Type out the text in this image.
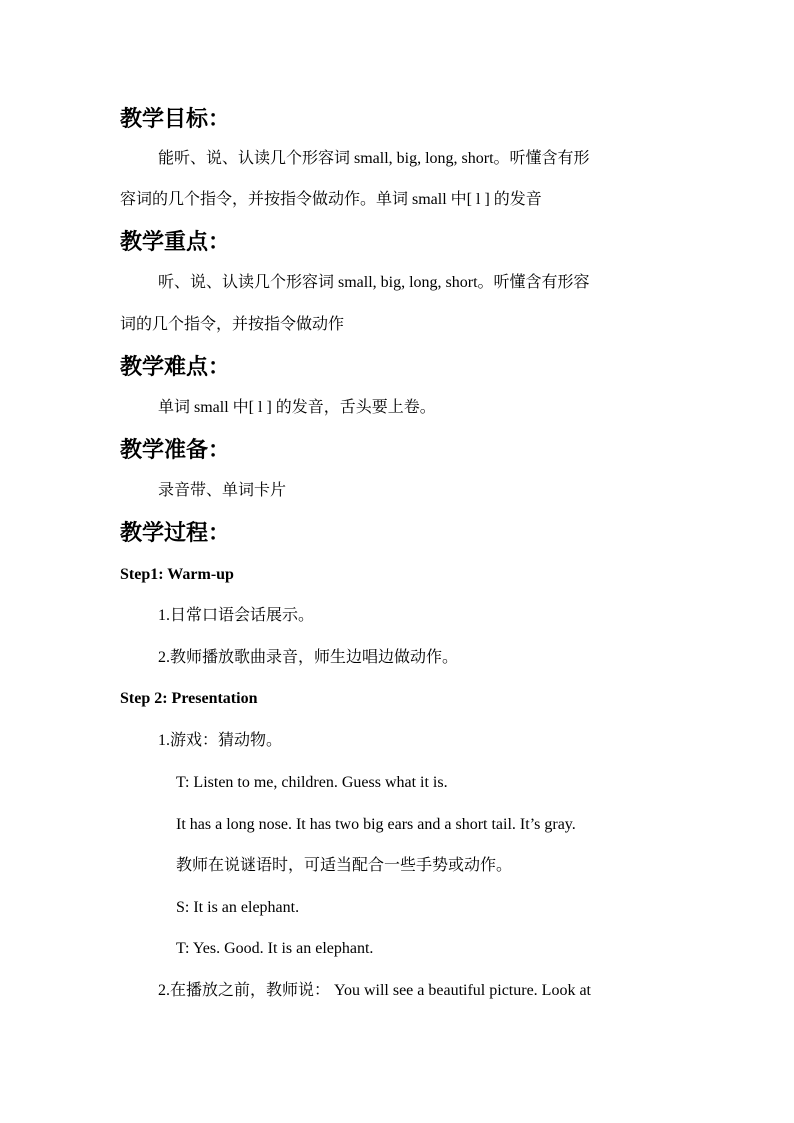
教学目标：
能听、说、认读几个形容词 small, big, long, short。听懂含有形
容词的几个指令，并按指令做动作。单词 small 中[ l ] 的发音
教学重点：
听、说、认读几个形容词 small, big, long, short。听懂含有形容
词的几个指令，并按指令做动作
教学难点：
单词 small 中[ l ] 的发音，舌头要上卷。
教学准备：
录音带、单词卡片
教学过程：
Step1: Warm-up
1.日常口语会话展示。
2.教师播放歌曲录音，师生边唱边做动作。
Step 2: Presentation
1.游戏：猜动物。
T: Listen to me, children. Guess what it is.
It has a long nose. It has two big ears and a short tail. It’s gray.
教师在说谜语时，可适当配合一些手势或动作。
S: It is an elephant.
T: Yes. Good. It is an elephant.
2.在播放之前，教师说： You will see a beautiful picture. Look at
